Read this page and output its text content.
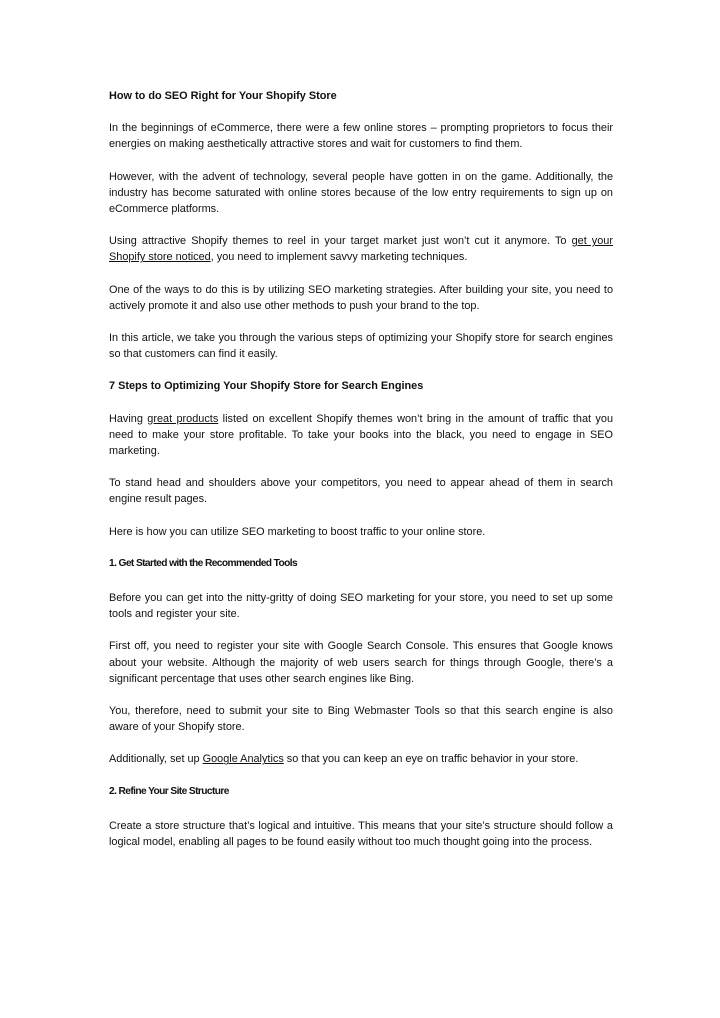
How to do SEO Right for Your Shopify Store

In the beginnings of eCommerce, there were a few online stores – prompting proprietors to focus their energies on making aesthetically attractive stores and wait for customers to find them.

However, with the advent of technology, several people have gotten in on the game. Additionally, the industry has become saturated with online stores because of the low entry requirements to sign up on eCommerce platforms.

Using attractive Shopify themes to reel in your target market just won’t cut it anymore. To get your Shopify store noticed, you need to implement savvy marketing techniques.

One of the ways to do this is by utilizing SEO marketing strategies. After building your site, you need to actively promote it and also use other methods to push your brand to the top.

In this article, we take you through the various steps of optimizing your Shopify store for search engines so that customers can find it easily.

7 Steps to Optimizing Your Shopify Store for Search Engines

Having great products listed on excellent Shopify themes won’t bring in the amount of traffic that you need to make your store profitable. To take your books into the black, you need to engage in SEO marketing.

To stand head and shoulders above your competitors, you need to appear ahead of them in search engine result pages.

Here is how you can utilize SEO marketing to boost traffic to your online store.

1. Get Started with the Recommended Tools

Before you can get into the nitty-gritty of doing SEO marketing for your store, you need to set up some tools and register your site.

First off, you need to register your site with Google Search Console. This ensures that Google knows about your website. Although the majority of web users search for things through Google, there’s a significant percentage that uses other search engines like Bing.

You, therefore, need to submit your site to Bing Webmaster Tools so that this search engine is also aware of your Shopify store.

Additionally, set up Google Analytics so that you can keep an eye on traffic behavior in your store.

2. Refine Your Site Structure

Create a store structure that’s logical and intuitive. This means that your site’s structure should follow a logical model, enabling all pages to be found easily without too much thought going into the process.
